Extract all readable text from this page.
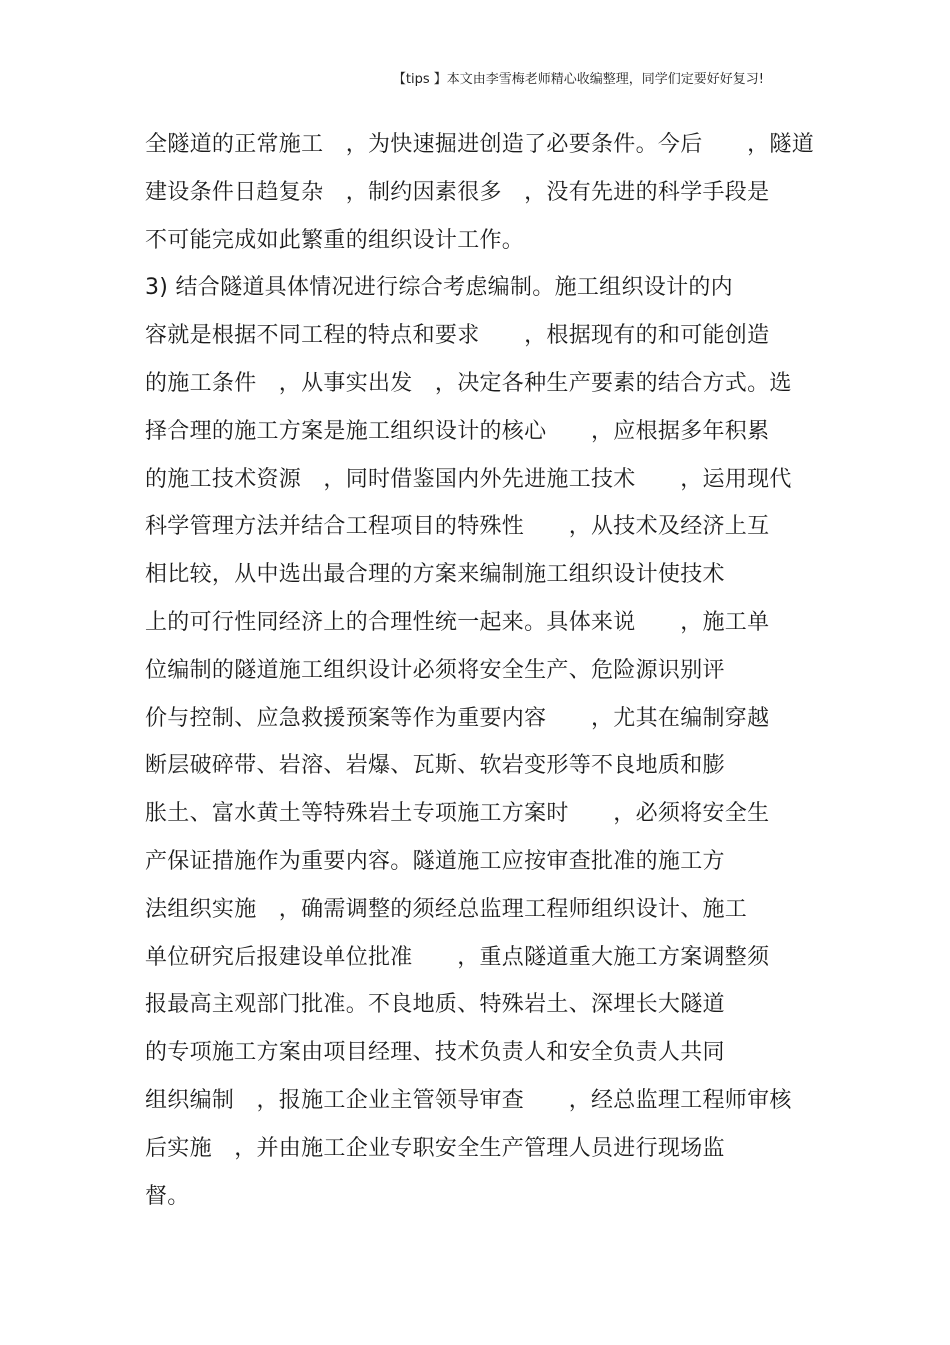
【tips 】本文由李雪梅老师精心收编整理，同学们定要好好复习!
全隧道的正常施工　，为快速掘进创造了必要条件。今后　　，隧道
建设条件日趋复杂　，制约因素很多　，没有先进的科学手段是
不可能完成如此繁重的组织设计工作。
3) 结合隧道具体情况进行综合考虑编制。施工组织设计的内
容就是根据不同工程的特点和要求　　，根据现有的和可能创造
的施工条件　，从事实出发　，决定各种生产要素的结合方式。选
择合理的施工方案是施工组织设计的核心　　，应根据多年积累
的施工技术资源　，同时借鉴国内外先进施工技术　　，运用现代
科学管理方法并结合工程项目的特殊性　　，从技术及经济上互
相比较，从中选出最合理的方案来编制施工组织设计使技术
上的可行性同经济上的合理性统一起来。具体来说　　，施工单
位编制的隧道施工组织设计必须将安全生产、危险源识别评
价与控制、应急救援预案等作为重要内容　　，尤其在编制穿越
断层破碎带、岩溶、岩爆、瓦斯、软岩变形等不良地质和膨
胀土、富水黄土等特殊岩土专项施工方案时　　，必须将安全生
产保证措施作为重要内容。隧道施工应按审查批准的施工方
法组织实施　，确需调整的须经总监理工程师组织设计、施工
单位研究后报建设单位批准　　，重点隧道重大施工方案调整须
报最高主观部门批准。不良地质、特殊岩土、深埋长大隧道
的专项施工方案由项目经理、技术负责人和安全负责人共同
组织编制　，报施工企业主管领导审查　　，经总监理工程师审核
后实施　，并由施工企业专职安全生产管理人员进行现场监
督。
